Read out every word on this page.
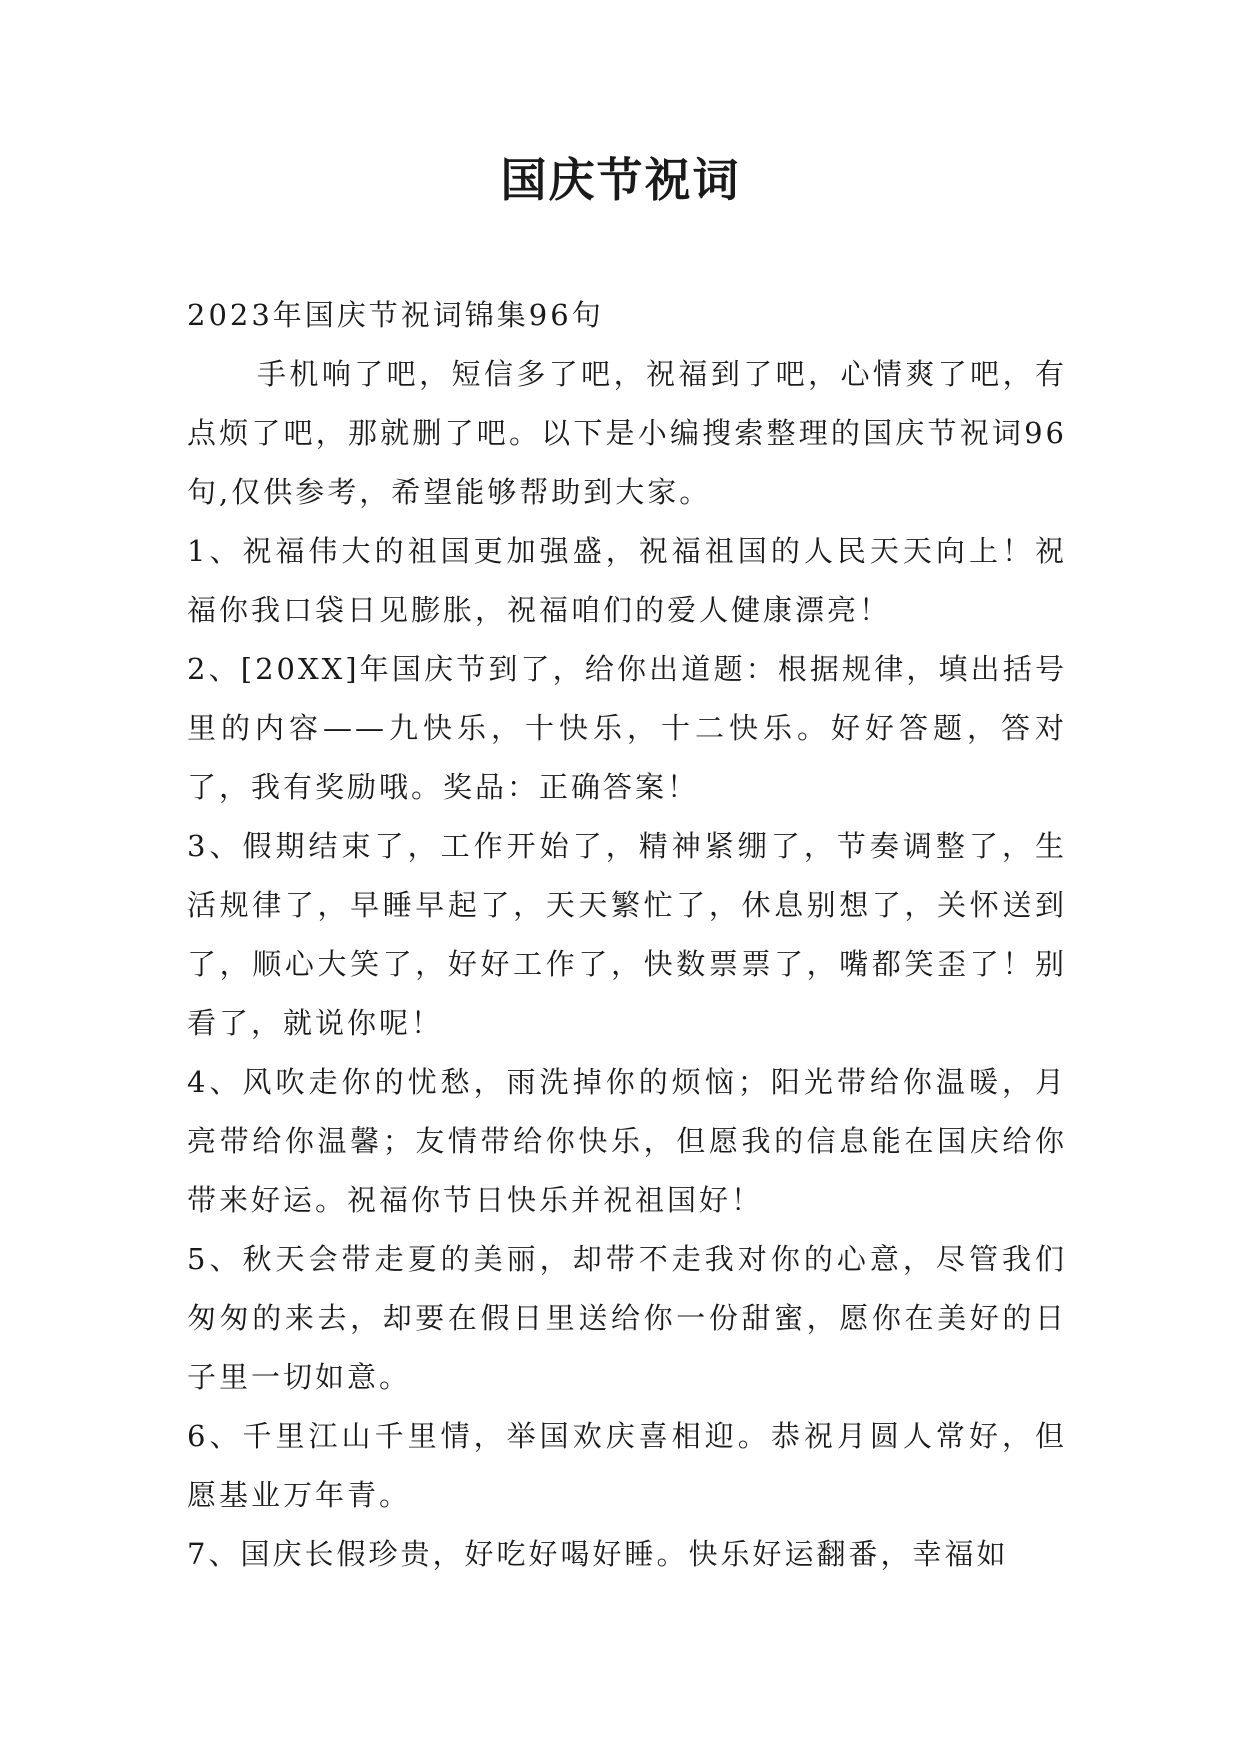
国庆节祝词

2023年国庆节祝词锦集96句

手机响了吧，短信多了吧，祝福到了吧，心情爽了吧，有点烦了吧，那就删了吧。以下是小编搜索整理的国庆节祝词96句,仅供参考，希望能够帮助到大家。

1、祝福伟大的祖国更加强盛，祝福祖国的人民天天向上！祝福你我口袋日见膨胀，祝福咱们的爱人健康漂亮！

2、[20XX]年国庆节到了，给你出道题：根据规律，填出括号里的内容——九快乐，十快乐，十二快乐。好好答题，答对了，我有奖励哦。奖品：正确答案！

3、假期结束了，工作开始了，精神紧绷了，节奏调整了，生活规律了，早睡早起了，天天繁忙了，休息别想了，关怀送到了，顺心大笑了，好好工作了，快数票票了，嘴都笑歪了！别看了，就说你呢！

4、风吹走你的忧愁，雨洗掉你的烦恼；阳光带给你温暖，月亮带给你温馨；友情带给你快乐，但愿我的信息能在国庆给你带来好运。祝福你节日快乐并祝祖国好！

5、秋天会带走夏的美丽，却带不走我对你的心意，尽管我们匆匆的来去，却要在假日里送给你一份甜蜜，愿你在美好的日子里一切如意。

6、千里江山千里情，举国欢庆喜相迎。恭祝月圆人常好，但愿基业万年青。

7、国庆长假珍贵，好吃好喝好睡。快乐好运翻番，幸福如
